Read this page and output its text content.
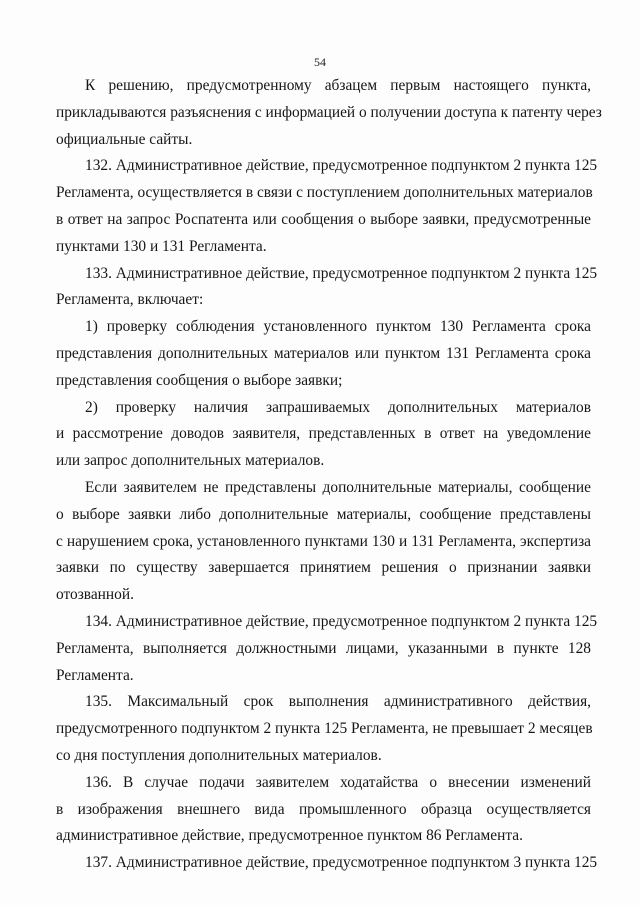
54
К решению, предусмотренному абзацем первым настоящего пункта,
прикладываются разъяснения с информацией о получении доступа к патенту через
официальные сайты.
132. Административное действие, предусмотренное подпунктом 2 пункта 125
Регламента, осуществляется в связи с поступлением дополнительных материалов
в ответ на запрос Роспатента или сообщения о выборе заявки, предусмотренные
пунктами 130 и 131 Регламента.
133. Административное действие, предусмотренное подпунктом 2 пункта 125
Регламента, включает:
1) проверку соблюдения установленного пунктом 130 Регламента срока
представления дополнительных материалов или пунктом 131 Регламента срока
представления сообщения о выборе заявки;
2) проверку наличия запрашиваемых дополнительных материалов
и рассмотрение доводов заявителя, представленных в ответ на уведомление
или запрос дополнительных материалов.
Если заявителем не представлены дополнительные материалы, сообщение
о выборе заявки либо дополнительные материалы, сообщение представлены
с нарушением срока, установленного пунктами 130 и 131 Регламента, экспертиза
заявки по существу завершается принятием решения о признании заявки
отозванной.
134. Административное действие, предусмотренное подпунктом 2 пункта 125
Регламента, выполняется должностными лицами, указанными в пункте 128
Регламента.
135. Максимальный срок выполнения административного действия,
предусмотренного подпунктом 2 пункта 125 Регламента, не превышает 2 месяцев
со дня поступления дополнительных материалов.
136. В случае подачи заявителем ходатайства о внесении изменений
в изображения внешнего вида промышленного образца осуществляется
административное действие, предусмотренное пунктом 86 Регламента.
137. Административное действие, предусмотренное подпунктом 3 пункта 125
